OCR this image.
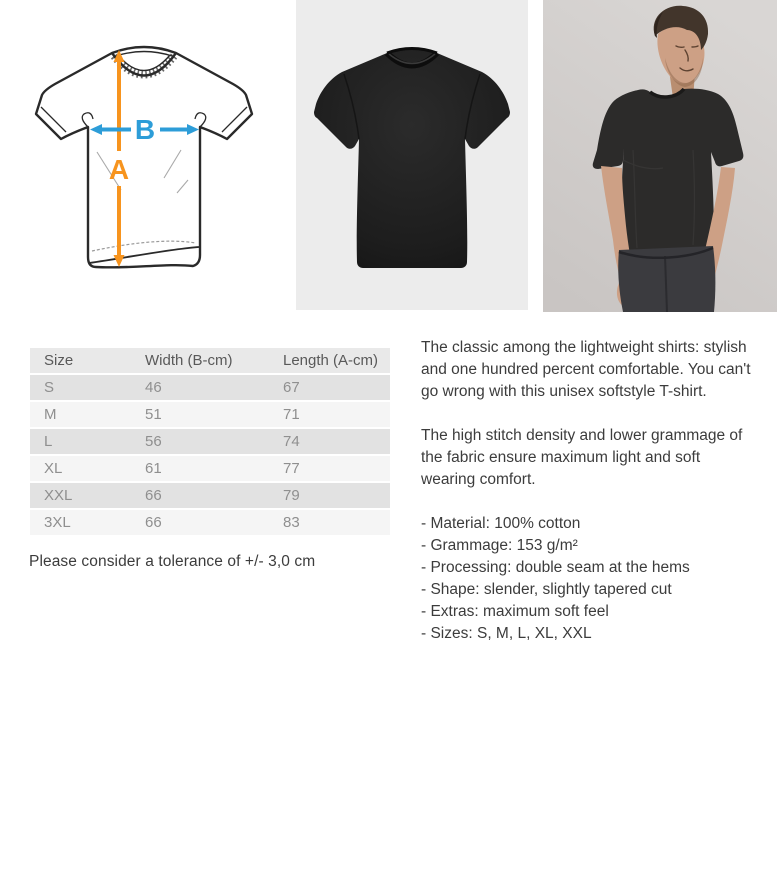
A
B
Size	Width (B-cm)	Length (A-cm)
S	46	67
M	51	71
L	56	74
XL	61	77
XXL	66	79
3XL	66	83
Please consider a tolerance of +/- 3,0 cm

The classic among the lightweight shirts: stylish and one hundred percent comfortable. You can't go wrong with this unisex softstyle T-shirt.

The high stitch density and lower grammage of the fabric ensure maximum light and soft wearing comfort.

- Material: 100% cotton
- Grammage: 153 g/m²
- Processing: double seam at the hems
- Shape: slender, slightly tapered cut
- Extras: maximum soft feel
- Sizes: S, M, L, XL, XXL
